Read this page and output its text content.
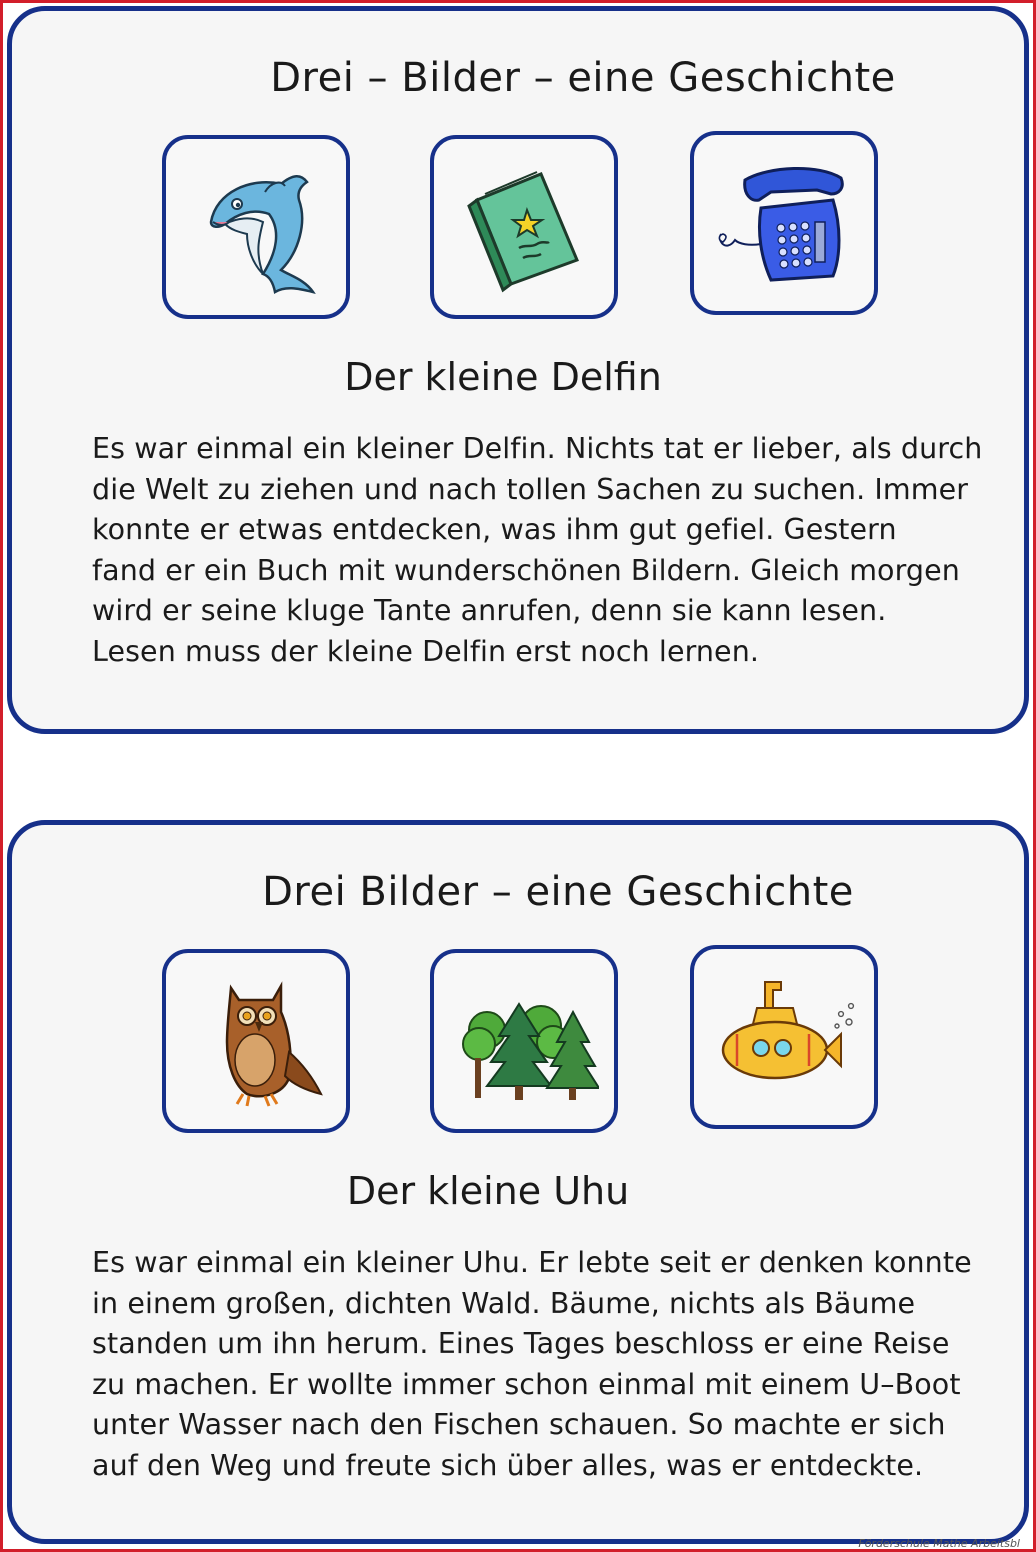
Drei – Bilder – eine Geschichte
Der kleine Delfin
Es war einmal ein kleiner Delfin. Nichts tat er lieber, als durch
die Welt zu ziehen und nach tollen Sachen zu suchen. Immer
konnte er etwas entdecken, was ihm gut gefiel. Gestern
fand er ein Buch mit wunderschönen Bildern. Gleich morgen
wird er seine kluge Tante anrufen, denn sie kann lesen.
Lesen muss der kleine Delfin erst noch lernen.
Drei Bilder – eine Geschichte
Der kleine Uhu
Es war einmal ein kleiner Uhu. Er lebte seit er denken konnte
in einem großen, dichten Wald. Bäume, nichts als Bäume
standen um ihn herum. Eines Tages beschloss er eine Reise
zu machen. Er wollte immer schon einmal mit einem U–Boot
unter Wasser nach den Fischen schauen. So machte er sich
auf den Weg und freute sich über alles, was er entdeckte.
Förderschule Mathe Arbeitsbl
